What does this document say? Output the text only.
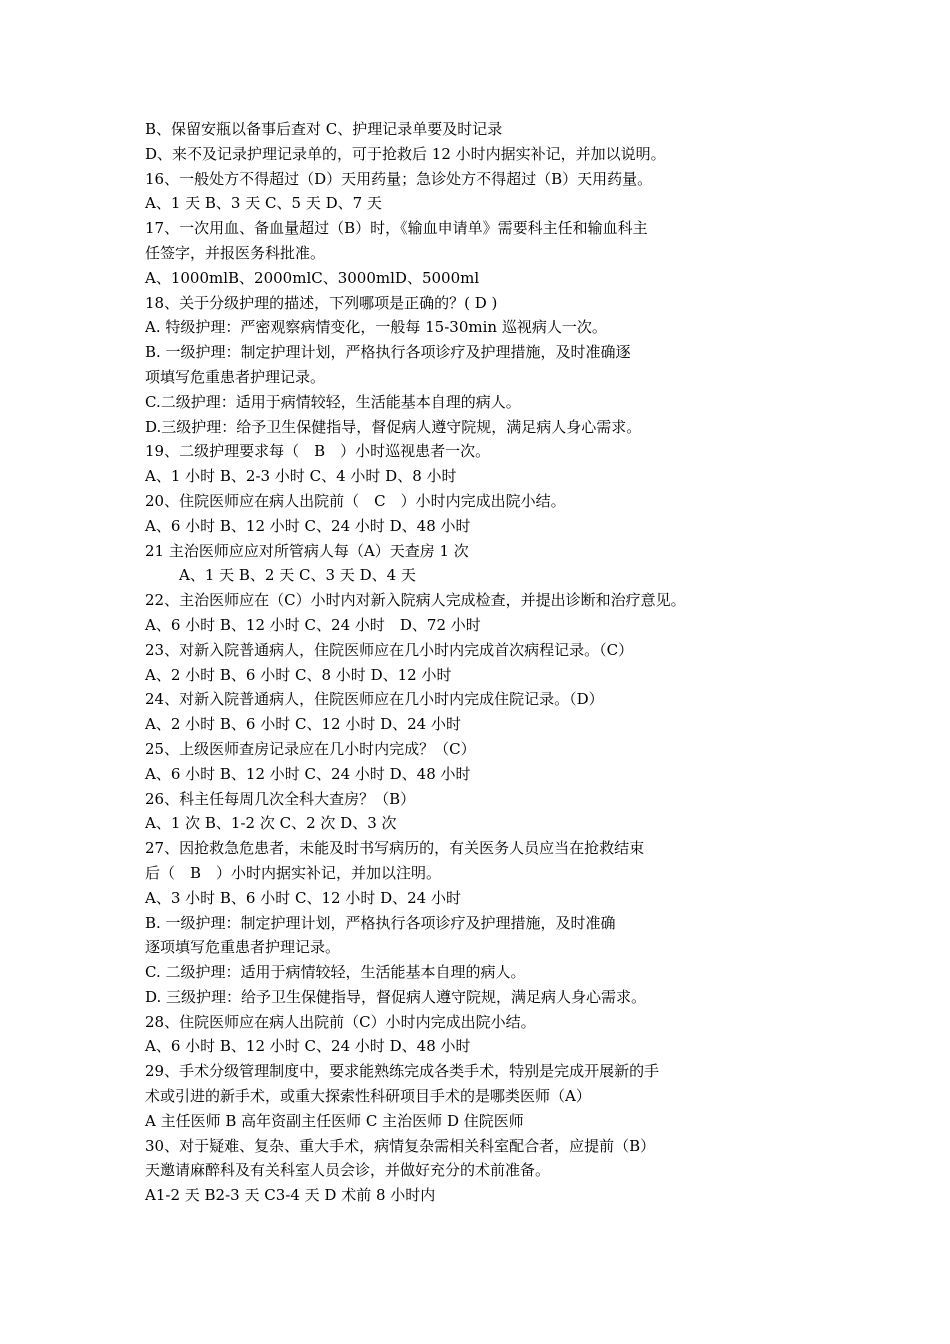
B、保留安瓶以备事后查对 C、护理记录单要及时记录
D、来不及记录护理记录单的，可于抢救后 12 小时内据实补记，并加以说明。
16、一般处方不得超过（D）天用药量；急诊处方不得超过（B）天用药量。
A、1 天 B、3 天 C、5 天 D、7 天
17、一次用血、备血量超过（B）时，《输血申请单》需要科主任和输血科主
任签字，并报医务科批准。
A、1000mlB、2000mlC、3000mlD、5000ml
18、关于分级护理的描述，下列哪项是正确的？( D )
A. 特级护理：严密观察病情变化，一般每 15-30min 巡视病人一次。
B. 一级护理：制定护理计划，严格执行各项诊疗及护理措施，及时准确逐
项填写危重患者护理记录。
C.二级护理：适用于病情较轻，生活能基本自理的病人。
D.三级护理：给予卫生保健指导，督促病人遵守院规，满足病人身心需求。
19、二级护理要求每（　B　）小时巡视患者一次。
A、1 小时 B、2-3 小时 C、4 小时 D、8 小时
20、住院医师应在病人出院前（　C　）小时内完成出院小结。
A、6 小时 B、12 小时 C、24 小时 D、48 小时
21 主治医师应应对所管病人每（A）天查房 1 次
A、1 天 B、2 天 C、3 天 D、4 天
22、主治医师应在（C）小时内对新入院病人完成检查，并提出诊断和治疗意见。
A、6 小时 B、12 小时 C、24 小时　D、72 小时
23、对新入院普通病人，住院医师应在几小时内完成首次病程记录。（C）
A、2 小时 B、6 小时 C、8 小时 D、12 小时
24、对新入院普通病人，住院医师应在几小时内完成住院记录。（D）
A、2 小时 B、6 小时 C、12 小时 D、24 小时
25、上级医师查房记录应在几小时内完成？（C）
A、6 小时 B、12 小时 C、24 小时 D、48 小时
26、科主任每周几次全科大查房？（B）
A、1 次 B、1-2 次 C、2 次 D、3 次
27、因抢救急危患者，未能及时书写病历的，有关医务人员应当在抢救结束
后（　B　）小时内据实补记，并加以注明。
A、3 小时 B、6 小时 C、12 小时 D、24 小时
B. 一级护理：制定护理计划，严格执行各项诊疗及护理措施，及时准确
逐项填写危重患者护理记录。
C. 二级护理：适用于病情较轻，生活能基本自理的病人。
D. 三级护理：给予卫生保健指导，督促病人遵守院规，满足病人身心需求。
28、住院医师应在病人出院前（C）小时内完成出院小结。
A、6 小时 B、12 小时 C、24 小时 D、48 小时
29、手术分级管理制度中，要求能熟练完成各类手术，特别是完成开展新的手
术或引进的新手术，或重大探索性科研项目手术的是哪类医师（A）
A 主任医师 B 高年资副主任医师 C 主治医师 D 住院医师
30、对于疑难、复杂、重大手术，病情复杂需相关科室配合者，应提前（B）
天邀请麻醉科及有关科室人员会诊，并做好充分的术前准备。
A1-2 天 B2-3 天 C3-4 天 D 术前 8 小时内
